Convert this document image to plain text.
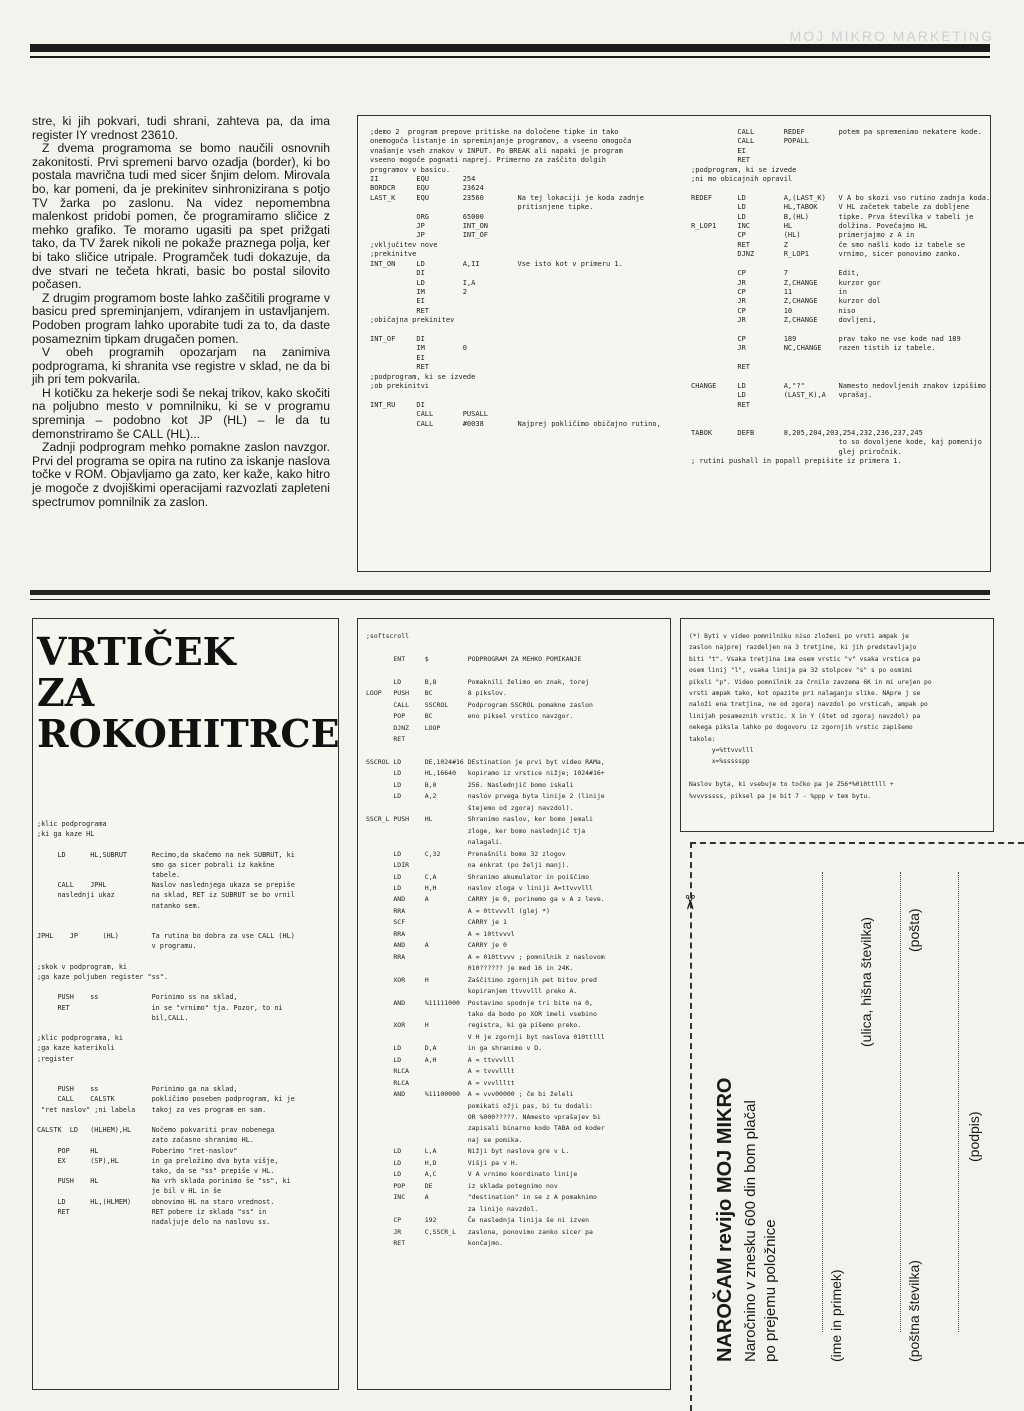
MOJ MIKRO MARKETING

stre, ki jih pokvari, tudi shrani, zahteva pa, da ima register IY vrednost 23610.

Z dvema programoma se bomo naučili osnovnih zakonitosti. Prvi spremeni barvo ozadja (border), ki bo postala mavrična tudi med sicer šnjim delom. Mirovala bo, kar pomeni, da je prekinitev sinhronizirana s potjo TV žarka po zaslonu. Na videz nepomembna malenkost pridobi pomen, če programiramo sličice z mehko grafiko. Te moramo ugasiti pa spet prižgati tako, da TV žarek nikoli ne pokaže praznega polja, ker bi tako sličice utripale. Programček tudi dokazuje, da dve stvari ne tečeta hkrati, basic bo postal silovito počasen.

Z drugim programom boste lahko zaščitili programe v basicu pred spreminjanjem, vdiranjem in ustavljanjem. Podoben program lahko uporabite tudi za to, da daste posameznim tipkam drugačen pomen.

V obeh programih opozarjam na zanimiva podprograma, ki shranita vse registre v sklad, ne da bi jih pri tem pokvarila.

H kotičku za hekerje sodi še nekaj trikov, kako skočiti na poljubno mesto v pomnilniku, ki se v programu spreminja – podobno kot JP (HL) – le da tu demonstriramo še CALL (HL)...

Zadnji podprogram mehko pomakne zaslon navzgor. Prvi del programa se opira na rutino za iskanje naslova točke v ROM. Objavljamo ga zato, ker kaže, kako hitro je mogoče z dvojiškimi operacijami razvozlati zapleteni spectrumov pomnilnik za zaslon.

;demo 2  program prepove pritiske na določene tipke in tako
onemogoča listanje in spreminjanje programov, a vseeno omogoča
vnašanje vseh znakov v INPUT. Po BREAK ali napaki je program
vseeno mogoče pognati naprej. Primerno za zaščito dolgih
programov v basicu.
II         EQU        254
BORDCR     EQU        23624
LAST_K     EQU        23560        Na tej lokaciji je koda zadnje
pritisnjene tipke.
ORG        65000
JP         INT_ON
JP         INT_OF
;vključitev nove
;prekinitve
INT_ON     LD         A,II         Vse isto kot v primeru 1.
DI
LD         I,A
IM         2
EI
RET
;običajna prekinitev

INT_OF     DI
IM         0
EI
RET
;podprogram, ki se izvede
;ob prekinitvi

INT_RU     DI
CALL       PUSALL
CALL       #0038        Najprej pokličimo običajno rutino,
CALL       REDEF        potem pa spremenimo nekatere kode.
CALL       POPALL
EI
RET
;podprogram, ki se izvede
;ni mo obicajnih opravil

REDEF      LD         A,(LAST_K)   V A bo skozi vso rutino zadnja koda.
LD         HL,TABOK     V HL začetek tabele za dobljene
LD         B,(HL)       tipke. Prva številka v tabeli je
R_LOP1     INC        HL           dolžina. Povečajmo HL
CP         (HL)         primerjajmo z A in
RET        Z            če smo našli kodo iz tabele se
DJNZ       R_LOP1       vrnimo, sicer ponovimo zanko.

CP         7            Edit,
JR         Z,CHANGE     kurzor gor
CP         11           in
JR         Z,CHANGE     kurzor dol
CP         10           niso
JR         Z,CHANGE     dovljeni,

CP         189          prav tako ne vse kode nad 189
JR         NC,CHANGE    razen tistih iz tabele.

RET

CHANGE     LD         A,"?"        Namesto nedovljenih znakov izpišimo
LD         (LAST_K),A   vprašaj.
RET

TABOK      DEFB       8,205,204,203,254,232,236,237,245
to so dovoljene kode, kaj pomenijo
glej priročnik.
; rutini pushall in popall prepišite iz primera 1.
VRTIČEK
ZA
ROKOHITRCE
;klic podprograma
;ki ga kaze HL

LD      HL,SUBRUT      Recimo,da skačemo na nek SUBRUT, ki
smo ga sicer pobrali iz kakšne
tabele.
CALL    JPHL           Naslov naslednjega ukaza se prepiše
naslednji ukaz         na sklad, RET iz SUBRUT se bo vrnil
natanko sem.

JPHL    JP      (HL)        Ta rutina bo dobra za vse CALL (HL)
v programu.

;skok v podprogram, ki
;ga kaze poljuben register "ss".

PUSH    ss             Porinimo ss na sklad,
RET                    in se "vrnimo" tja. Pozor, to ni
bil,CALL.

;klic podprograma, ki
;ga kaze katerikoli
;register

PUSH    ss             Porinimo ga na sklad,
CALL    CALSTK         pokličimo poseben podprogram, ki je
"ret naslov" ;ni labela    takoj za ves program en sam.

CALSTK  LD   (HLHEM),HL     Nočemo pokvariti prav nobenega
zato začasno shranimo HL.
POP     HL             Poberimo "ret-naslov"
EX      (SP),HL        in ga preložimo dva byta višje,
tako, da se "ss" prepiše v HL.
PUSH    HL             Na vrh sklada porinimo še "ss", ki
je bil v HL in še
LD      HL,(HLMEM)     obnovimo HL na staro vrednost.
RET                    RET pobere iz sklada "ss" in
nadaljuje delo na naslovu ss.
;softscroll

ENT     $          PODPROGRAM ZA MEHKO POMIKANJE

LD      B,8        Pomaknili želimo en znak, torej
LOOP   PUSH    BC         8 pikslov.
CALL    SSCROL     Podprogram SSCROL pomakne zaslon
POP     BC         eno piksel vrstico navzgor.
DJNZ    LOOP
RET

SSCROL LD      DE,1024#16 DEstination je prvi byt video RAMa,
LD      HL,16640   kopiramo iz vrstice nižje; 1024#16+
LD      B,0        256. Naslednjič bomo iskali
LD      A,2        naslov prvega byta linije 2 (linije
štejemo od zgoraj navzdol).
SSCR_L PUSH    HL         Shranimo naslov, ker bomo jemali
zloge, ker bomo naslednjič tja
nalagali.
LD      C,32       Prenašnili bomo 32 zlogov
LDIR               na enkrat (po želji manj).
LD      C,A        Shranimo akumulator in poiščimo
LD      H,H        naslov zloga v liniji A=ttvvvlll
AND     A          CARRY je 0, porinemo ga v A z leve.
RRA                A = 0ttvvvll (glej *)
SCF                CARRY je 1
RRA                A = 10ttvvvl
AND     A          CARRY je 0
RRA                A = 010ttvvv ; pomnilnik z naslovom
010?????? je med 16 in 24K.
XOR     H          Zaščitimo zgornjih pet bitov pred
kopiranjem ttvvvlll preko A.
AND     %11111000  Postavimo spodnje tri bite na 0,
tako da bodo po XOR imeli vsebino
XOR     H          registra, ki ga pišemo preko.
V H je zgornji byt naslova 010ttlll
LD      D,A        in ga shranimo v D.
LD      A,H        A = ttvvvlll
RLCA               A = tvvvlllt
RLCA               A = vvvllltt
AND     %11100000  A = vvv00000 ; če bi želeli
pomikati ožji pas, bi tu dodali:
OR %000?????. NAmesto vprašajev bi
zapisali binarno kodo TABA od koder
naj se pomika.
LD      L,A        Nižji byt naslova gre v L.
LD      H,D        Višji pa v H.
LD      A,C        V A vrnimo koordinato linije
POP     DE         iz sklada potegnimo nov
INC     A          "destination" in se z A pomaknimo
za linijo navzdol.
CP      192        Če naslednja linija še ni izven
JR      C,SSCR_L   zaslona, ponovimo zanko sicer pa
RET                končajmo.
(*) Byti v video pomnilniku niso zloženi po vrsti ampak je
zaslon najprej razdeljen na 3 tretjine, ki jih predstavljajo
biti "t". Vsaka tretjina ima osem vrstic "v" vsaka vrstica pa
osem linij "l", vsaka linija pa 32 stolpcev "s" s po osmimi
piksli "p". Video pomnilnik za črnilo zavzema 6K in mi urejen po
vrsti ampak tako, kot opazite pri nalaganju slike. NApre j se
naloži ena tretjina, ne od zgoraj navzdol po vrsticah, ampak po
linijah posameznih vrstic. X in Y (štet od zgoraj navzdol) pa
nekega piksla lahko po dogovoru iz zgornjih vrstic zapišemo
takole:
y=%ttvvvlll
x=%ssssspp

Naslov byta, ki vsebuje to točko pa je Z56*%010ttlll +
%vvvsssss, piksel pa je bit 7 - %ppp v tem bytu.
✂
NAROČAM revijo MOJ MIKRO Naročnino v znesku 600 din bom plačal po prejemu položnice	(ime in primek)
(ulica, hišna številka)
(poštna številka)
(pošta)
(podpis)
